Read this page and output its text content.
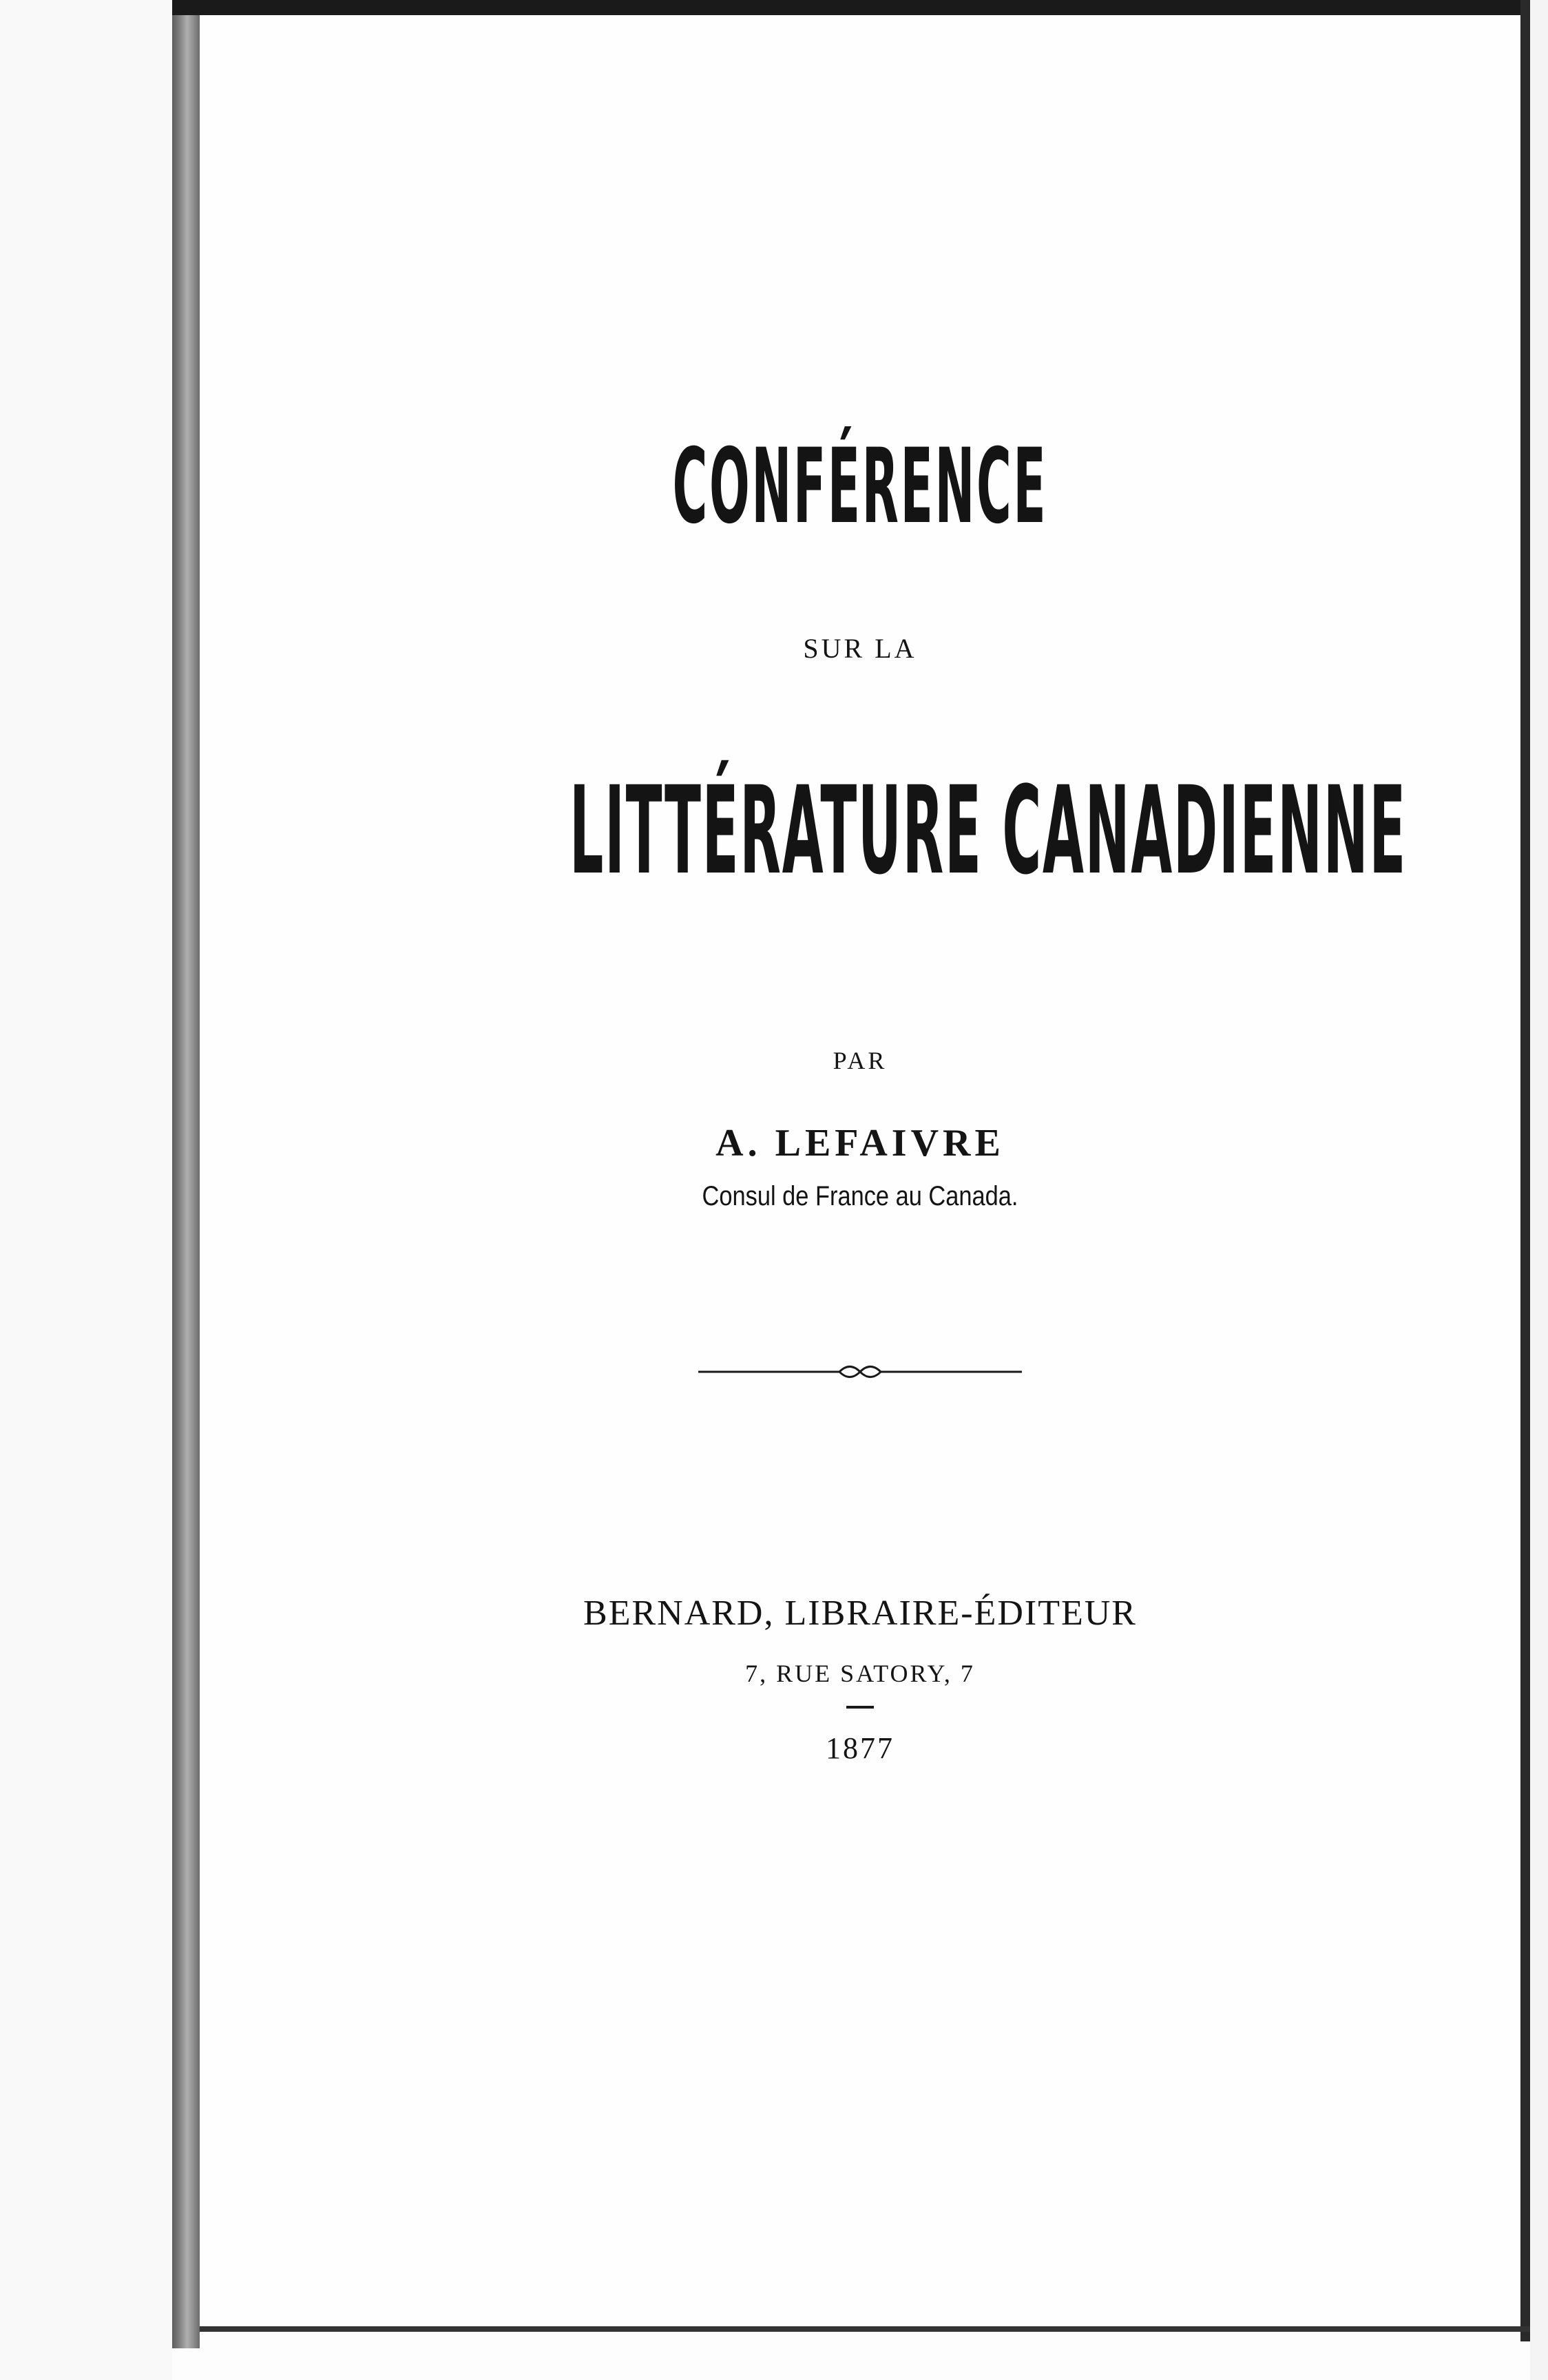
CONFÉRENCE
SUR LA
LITTÉRATURE CANADIENNE
PAR
A. LEFAIVRE
Consul de France au Canada.
BERNARD, LIBRAIRE-ÉDITEUR
7, RUE SATORY, 7
1877
